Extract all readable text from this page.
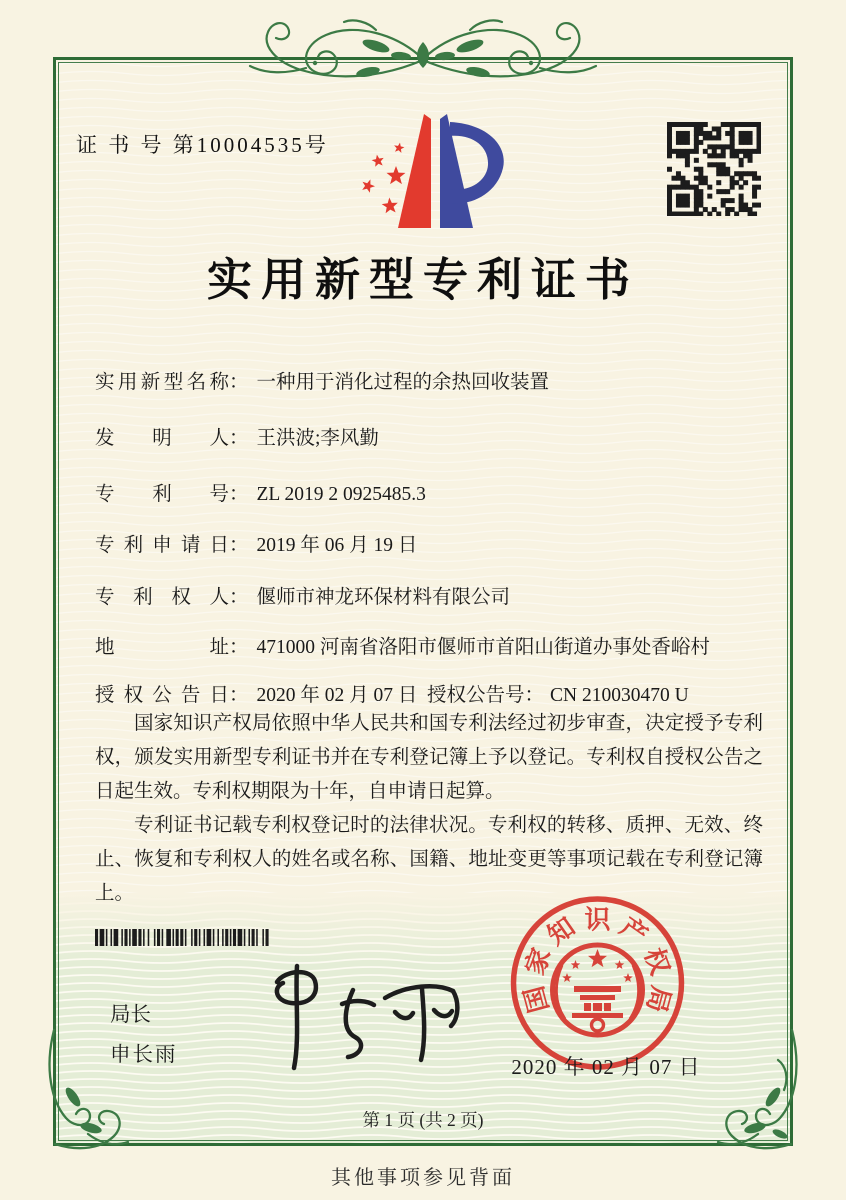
证 书 号 第10004535号
实用新型专利证书
实用新型名称： 一种用于消化过程的余热回收装置
发明人： 王洪波;李风勤
专利号： ZL 2019 2 0925485.3
专利申请日： 2019 年 06 月 19 日
专利权人： 偃师市神龙环保材料有限公司
地址： 471000 河南省洛阳市偃师市首阳山街道办事处香峪村
授权公告日： 2020 年 02 月 07 日 授权公告号： CN 210030470 U

国家知识产权局依照中华人民共和国专利法经过初步审查，决定授予专利权，颁发实用新型专利证书并在专利登记簿上予以登记。专利权自授权公告之日起生效。专利权期限为十年，自申请日起算。

专利证书记载专利权登记时的法律状况。专利权的转移、质押、无效、终止、恢复和专利权人的姓名或名称、国籍、地址变更等事项记载在专利登记簿上。

局长
申长雨
国
家
知 识 产
权
局
2020 年 02 月 07 日
第 1 页 (共 2 页)
其他事项参见背面
